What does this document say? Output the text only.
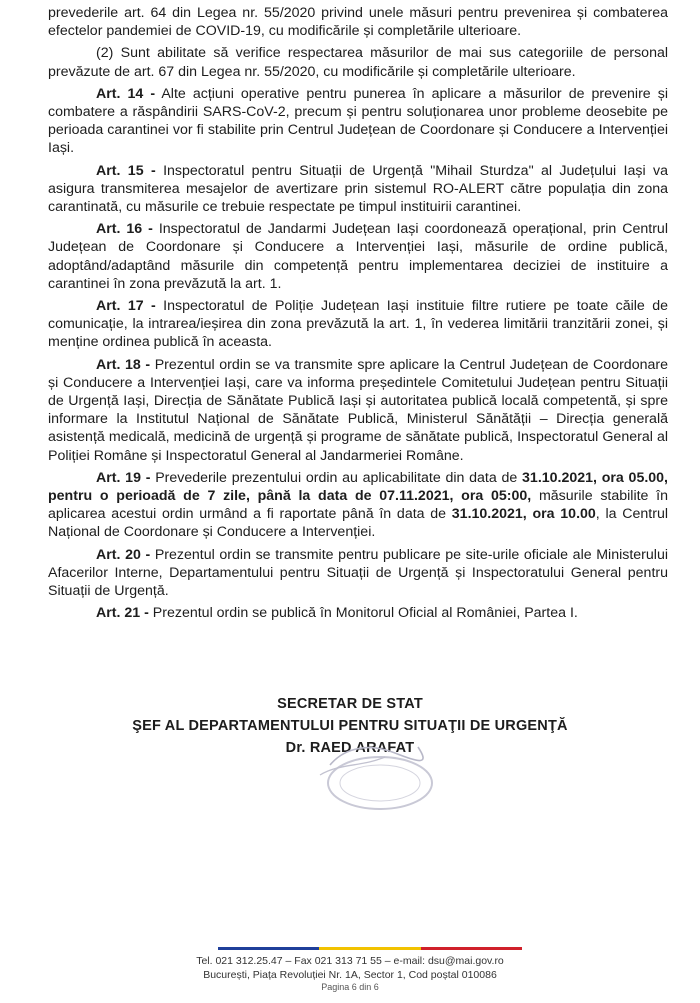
prevederile art. 64 din Legea nr. 55/2020 privind unele măsuri pentru prevenirea și combaterea efectelor pandemiei de COVID-19, cu modificările și completările ulterioare.

(2) Sunt abilitate să verifice respectarea măsurilor de mai sus categoriile de personal prevăzute de art. 67 din Legea nr. 55/2020, cu modificările și completările ulterioare.

Art. 14 - Alte acțiuni operative pentru punerea în aplicare a măsurilor de prevenire și combatere a răspândirii SARS-CoV-2, precum și pentru soluționarea unor probleme deosebite pe perioada carantinei vor fi stabilite prin Centrul Județean de Coordonare și Conducere a Intervenției Iași.

Art. 15 - Inspectoratul pentru Situații de Urgență "Mihail Sturdza" al Județului Iași va asigura transmiterea mesajelor de avertizare prin sistemul RO-ALERT către populația din zona carantinată, cu măsurile ce trebuie respectate pe timpul instituirii carantinei.

Art. 16 - Inspectoratul de Jandarmi Județean Iași coordonează operațional, prin Centrul Județean de Coordonare și Conducere a Intervenției Iași, măsurile de ordine publică, adoptând/adaptând măsurile din competență pentru implementarea deciziei de instituire a carantinei în zona prevăzută la art. 1.

Art. 17 - Inspectoratul de Poliție Județean Iași instituie filtre rutiere pe toate căile de comunicație, la intrarea/ieșirea din zona prevăzută la art. 1, în vederea limitării tranzitării zonei, și menține ordinea publică în aceasta.

Art. 18 - Prezentul ordin se va transmite spre aplicare la Centrul Județean de Coordonare și Conducere a Intervenției Iași, care va informa președintele Comitetului Județean pentru Situații de Urgență Iași, Direcția de Sănătate Publică Iași și autoritatea publică locală competentă, și spre informare la Institutul Național de Sănătate Publică, Ministerul Sănătății – Direcția generală asistență medicală, medicină de urgență și programe de sănătate publică, Inspectoratul General al Poliției Române și Inspectoratul General al Jandarmeriei Române.

Art. 19 - Prevederile prezentului ordin au aplicabilitate din data de 31.10.2021, ora 05.00, pentru o perioadă de 7 zile, până la data de 07.11.2021, ora 05:00, măsurile stabilite în aplicarea acestui ordin urmând a fi raportate până în data de 31.10.2021, ora 10.00, la Centrul Național de Coordonare și Conducere a Intervenției.

Art. 20 - Prezentul ordin se transmite pentru publicare pe site-urile oficiale ale Ministerului Afacerilor Interne, Departamentului pentru Situații de Urgență și Inspectoratului General pentru Situații de Urgență.

Art. 21 - Prezentul ordin se publică în Monitorul Oficial al României, Partea I.

SECRETAR DE STAT
ŞEF AL DEPARTAMENTULUI PENTRU SITUAŢII DE URGENŢĂ
Dr. RAED ARAFAT
Tel. 021 312.25.47 – Fax 021 313 71 55 – e-mail: dsu@mai.gov.ro
București, Piața Revoluției Nr. 1A, Sector 1, Cod poștal 010086
Pagina 6 din 6
